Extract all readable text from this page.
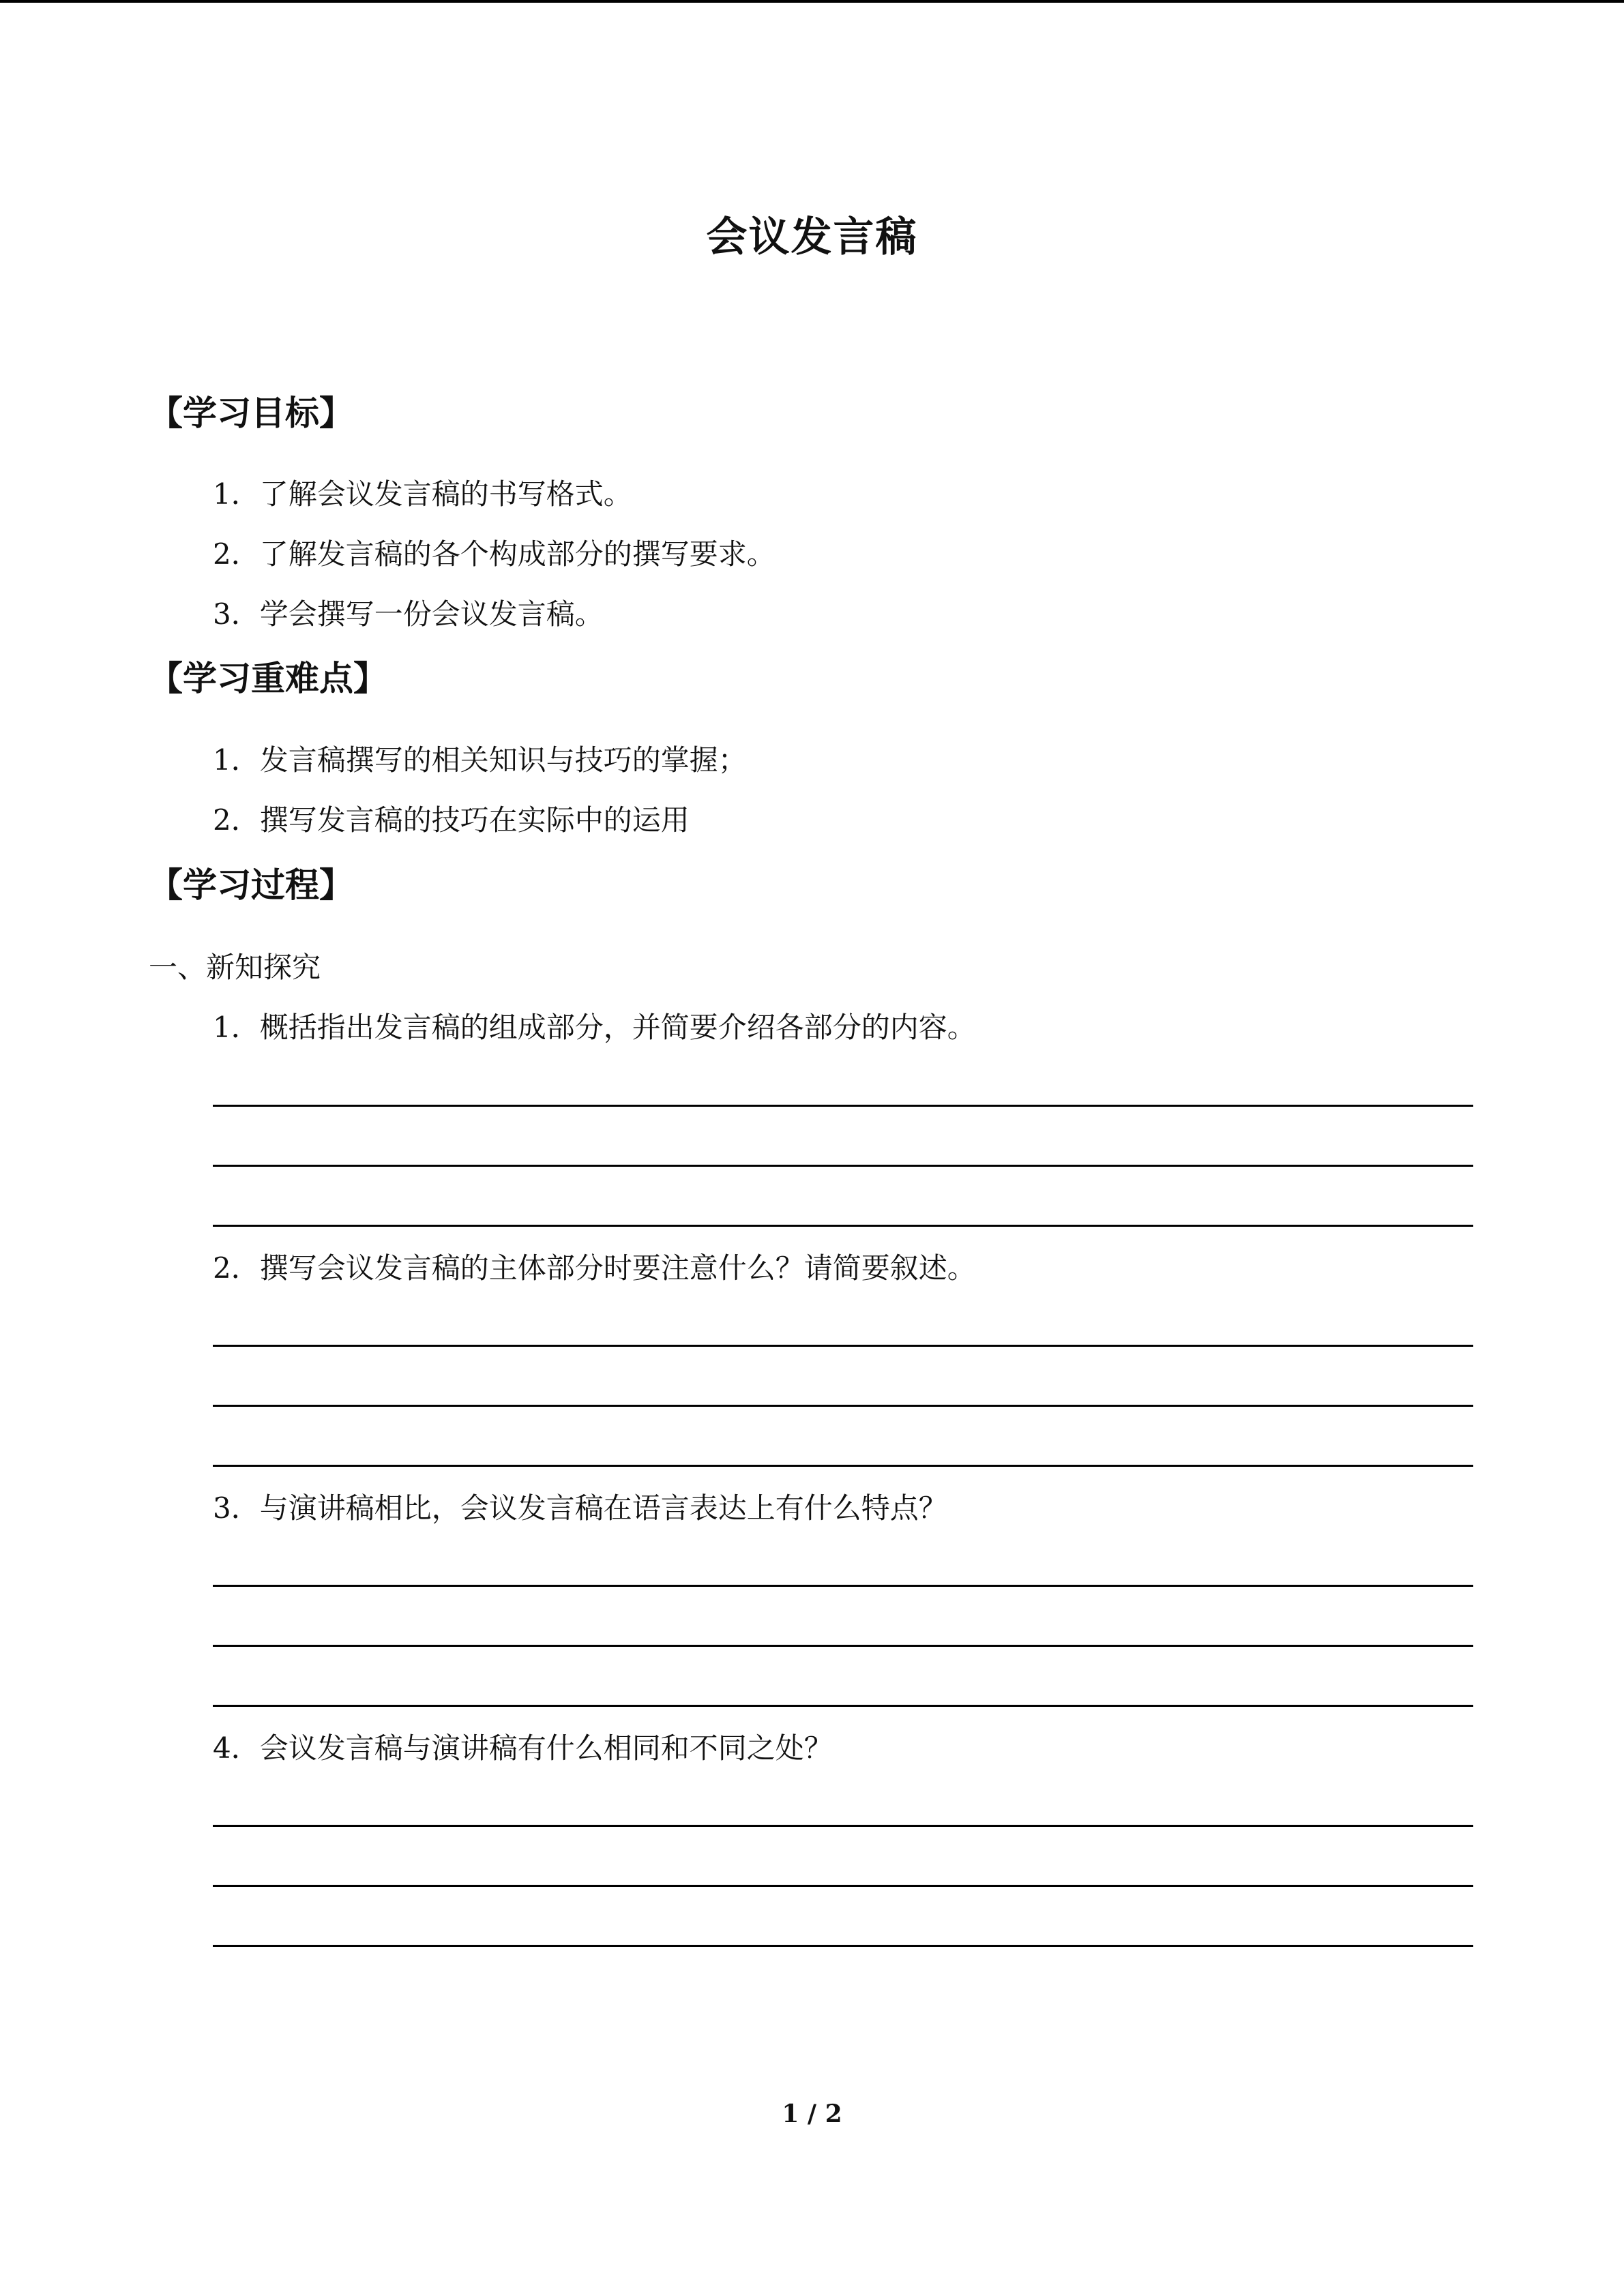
会议发言稿
【学习目标】
1．了解会议发言稿的书写格式。
2．了解发言稿的各个构成部分的撰写要求。
3．学会撰写一份会议发言稿。
【学习重难点】
1．发言稿撰写的相关知识与技巧的掌握；
2．撰写发言稿的技巧在实际中的运用
【学习过程】
一、新知探究
1．概括指出发言稿的组成部分，并简要介绍各部分的内容。
2．撰写会议发言稿的主体部分时要注意什么？请简要叙述。
3．与演讲稿相比，会议发言稿在语言表达上有什么特点？
4．会议发言稿与演讲稿有什么相同和不同之处？
1 / 2
